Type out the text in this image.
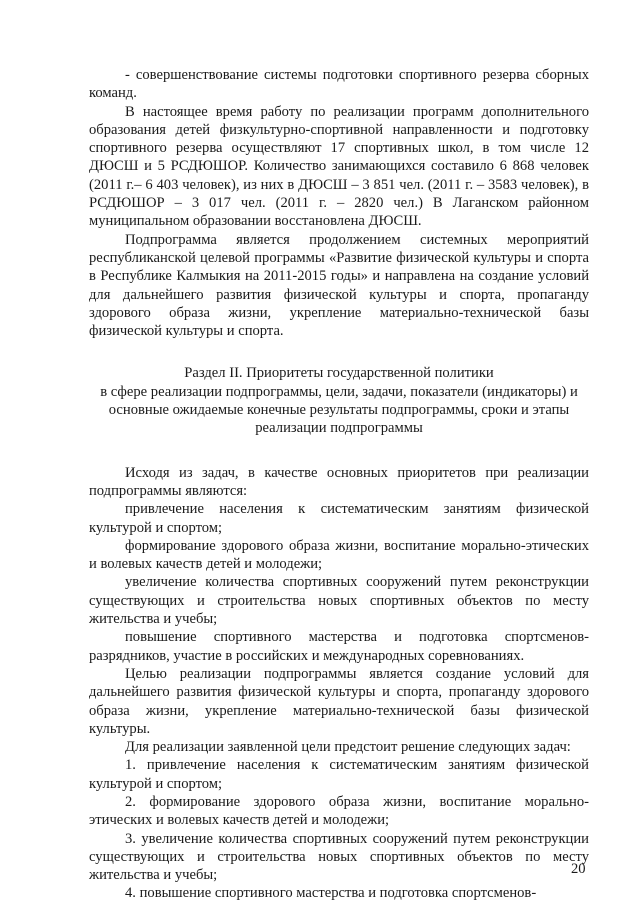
- совершенствование системы подготовки спортивного резерва сборных команд.

В настоящее время работу по реализации программ дополнительного образования детей физкультурно-спортивной направленности и подготовку спортивного резерва осуществляют 17 спортивных школ, в том числе 12 ДЮСШ и 5 РСДЮШОР. Количество занимающихся составило 6 868 человек (2011 г.– 6 403 человек), из них в ДЮСШ – 3 851 чел. (2011 г. – 3583 человек), в РСДЮШОР – 3 017 чел. (2011 г. – 2820 чел.) В Лаганском районном муниципальном образовании восстановлена ДЮСШ.

Подпрограмма является продолжением системных мероприятий республиканской целевой программы «Развитие физической культуры и спорта в Республике Калмыкия на 2011-2015 годы» и направлена на создание условий для дальнейшего развития физической культуры и спорта, пропаганду здорового образа жизни, укрепление материально-технической базы физической культуры и спорта.

Раздел II. Приоритеты государственной политики
в сфере реализации подпрограммы, цели, задачи, показатели (индикаторы) и
основные ожидаемые конечные результаты подпрограммы, сроки и этапы
реализации подпрограммы

Исходя из задач, в качестве основных приоритетов при реализации подпрограммы являются:

привлечение населения к систематическим занятиям физической культурой и спортом;

формирование здорового образа жизни, воспитание морально-этических и волевых качеств детей и молодежи;

увеличение количества спортивных сооружений путем реконструкции существующих и строительства новых спортивных объектов по месту жительства и учебы;

повышение спортивного мастерства и подготовка спортсменов-разрядников, участие в российских и международных соревнованиях.

Целью реализации подпрограммы является создание условий для дальнейшего развития физической культуры и спорта, пропаганду здорового образа жизни, укрепление материально-технической базы физической культуры.

Для реализации заявленной цели предстоит решение следующих задач:

1. привлечение населения к систематическим занятиям физической культурой и спортом;

2. формирование здорового образа жизни, воспитание морально-этических и волевых качеств детей и молодежи;

3. увеличение количества спортивных сооружений путем реконструкции существующих и строительства новых спортивных объектов по месту жительства и учебы;

4. повышение спортивного мастерства и подготовка спортсменов-

20
